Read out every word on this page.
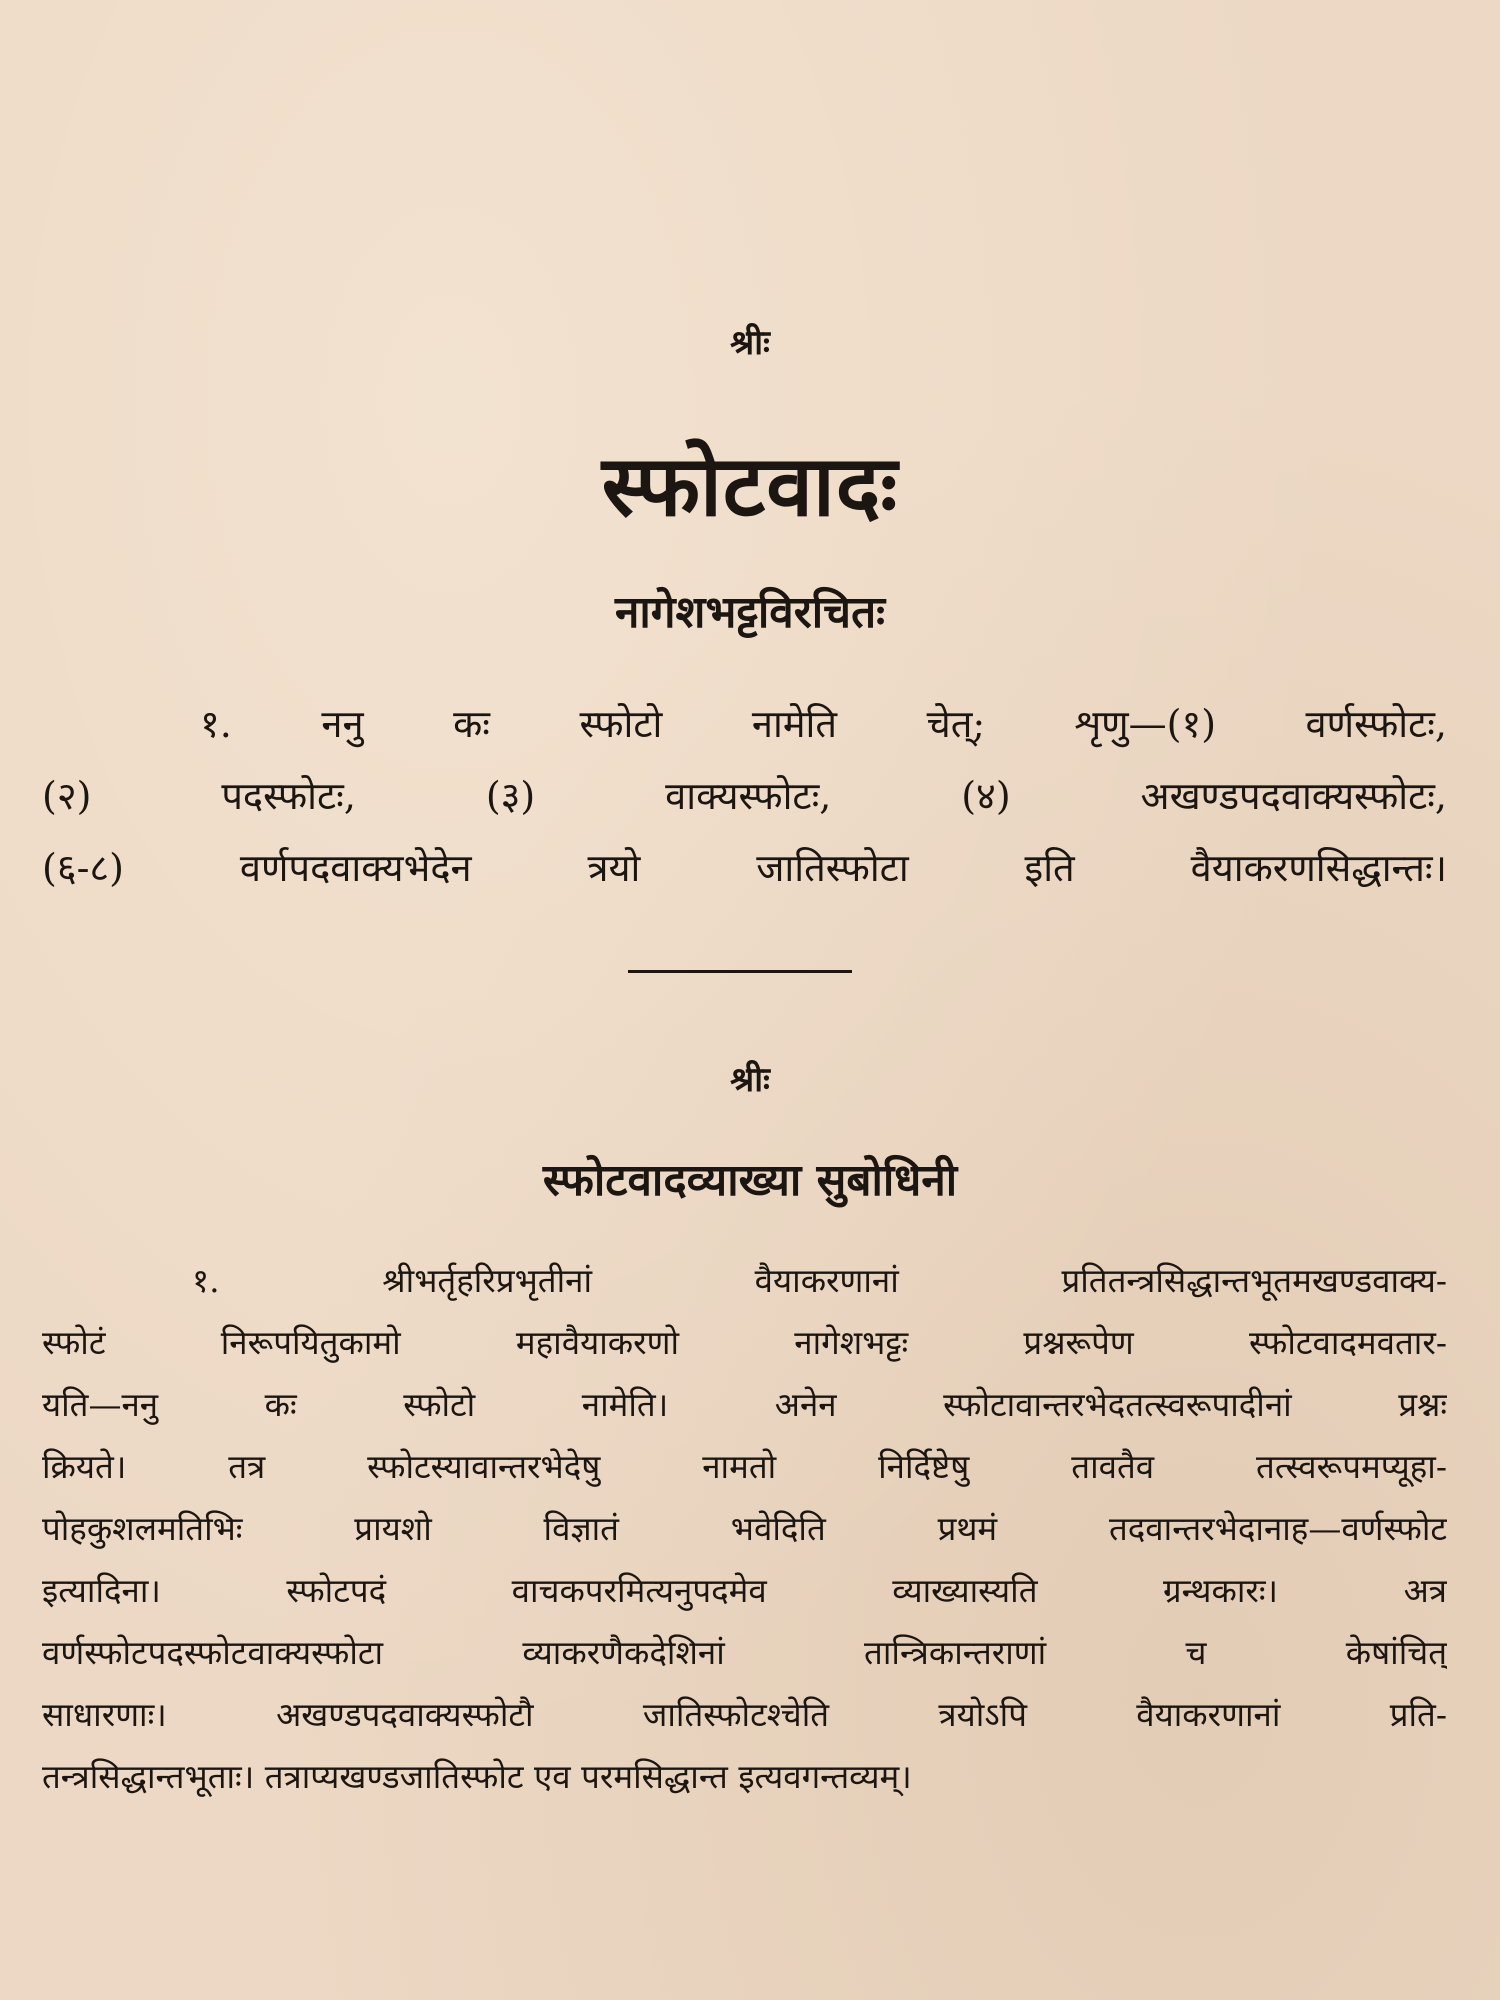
श्रीः
स्फोटवादः
नागेशभट्टविरचितः
१. ननु कः स्फोटो नामेति चेत्; शृणु—(१) वर्णस्फोटः,
(२) पदस्फोटः, (३) वाक्यस्फोटः, (४) अखण्डपदवाक्यस्फोटः,
(६-८) वर्णपदवाक्यभेदेन त्रयो जातिस्फोटा इति वैयाकरणसिद्धान्तः।
श्रीः
स्फोटवादव्याख्या सुबोधिनी
१. श्रीभर्तृहरिप्रभृतीनां वैयाकरणानां प्रतितन्त्रसिद्धान्तभूतमखण्डवाक्य-
स्फोटं निरूपयितुकामो महावैयाकरणो नागेशभट्टः प्रश्नरूपेण स्फोटवादमवतार-
यति—ननु कः स्फोटो नामेति। अनेन स्फोटावान्तरभेदतत्स्वरूपादीनां प्रश्नः
क्रियते। तत्र स्फोटस्यावान्तरभेदेषु नामतो निर्दिष्टेषु तावतैव तत्स्वरूपमप्यूहा-
पोहकुशलमतिभिः प्रायशो विज्ञातं भवेदिति प्रथमं तदवान्तरभेदानाह—वर्णस्फोट
इत्यादिना। स्फोटपदं वाचकपरमित्यनुपदमेव व्याख्यास्यति ग्रन्थकारः। अत्र
वर्णस्फोटपदस्फोटवाक्यस्फोटा व्याकरणैकदेशिनां तान्त्रिकान्तराणां च केषांचित्
साधारणाः। अखण्डपदवाक्यस्फोटौ जातिस्फोटश्चेति त्रयोऽपि वैयाकरणानां प्रति-
तन्त्रसिद्धान्तभूताः। तत्राप्यखण्डजातिस्फोट एव परमसिद्धान्त इत्यवगन्तव्यम्।
